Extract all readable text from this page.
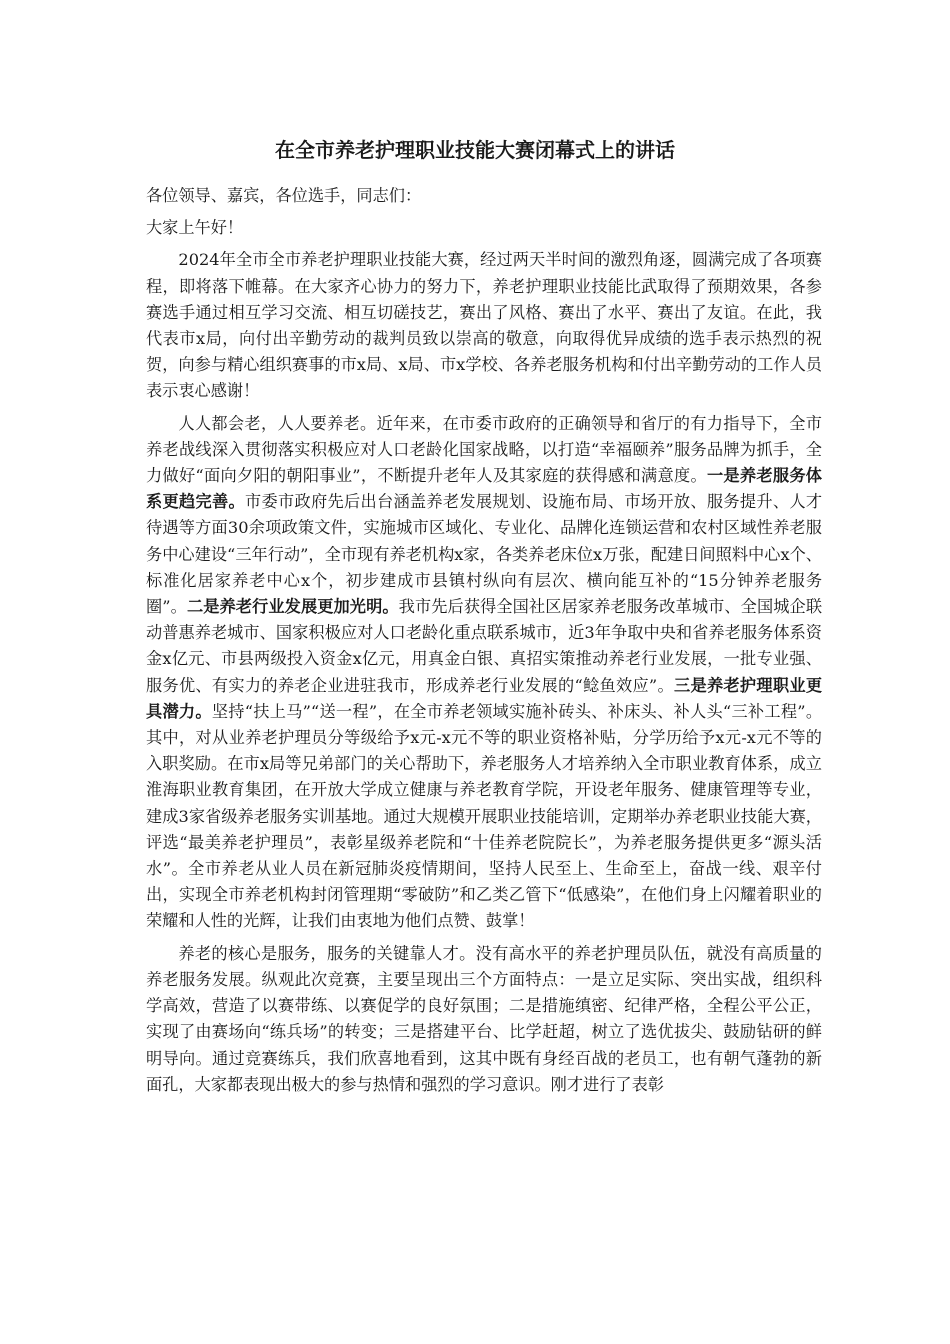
在全市养老护理职业技能大赛闭幕式上的讲话

各位领导、嘉宾，各位选手，同志们：

大家上午好！

2024年全市全市养老护理职业技能大赛，经过两天半时间的激烈角逐，圆满完成了各项赛程，即将落下帷幕。在大家齐心协力的努力下，养老护理职业技能比武取得了预期效果，各参赛选手通过相互学习交流、相互切磋技艺，赛出了风格、赛出了水平、赛出了友谊。在此，我代表市x局，向付出辛勤劳动的裁判员致以崇高的敬意，向取得优异成绩的选手表示热烈的祝贺，向参与精心组织赛事的市x局、x局、市x学校、各养老服务机构和付出辛勤劳动的工作人员表示衷心感谢！

人人都会老，人人要养老。近年来，在市委市政府的正确领导和省厅的有力指导下，全市养老战线深入贯彻落实积极应对人口老龄化国家战略，以打造“幸福颐养”服务品牌为抓手，全力做好“面向夕阳的朝阳事业”，不断提升老年人及其家庭的获得感和满意度。一是养老服务体系更趋完善。市委市政府先后出台涵盖养老发展规划、设施布局、市场开放、服务提升、人才待遇等方面30余项政策文件，实施城市区域化、专业化、品牌化连锁运营和农村区域性养老服务中心建设“三年行动”，全市现有养老机构x家，各类养老床位x万张，配建日间照料中心x个、标准化居家养老中心x个，初步建成市县镇村纵向有层次、横向能互补的“15分钟养老服务圈”。二是养老行业发展更加光明。我市先后获得全国社区居家养老服务改革城市、全国城企联动普惠养老城市、国家积极应对人口老龄化重点联系城市，近3年争取中央和省养老服务体系资金x亿元、市县两级投入资金x亿元，用真金白银、真招实策推动养老行业发展，一批专业强、服务优、有实力的养老企业进驻我市，形成养老行业发展的“鲶鱼效应”。三是养老护理职业更具潜力。坚持“扶上马”“送一程”，在全市养老领域实施补砖头、补床头、补人头“三补工程”。其中，对从业养老护理员分等级给予x元-x元不等的职业资格补贴，分学历给予x元-x元不等的入职奖励。在市x局等兄弟部门的关心帮助下，养老服务人才培养纳入全市职业教育体系，成立淮海职业教育集团，在开放大学成立健康与养老教育学院，开设老年服务、健康管理等专业，建成3家省级养老服务实训基地。通过大规模开展职业技能培训，定期举办养老职业技能大赛，评选“最美养老护理员”，表彰星级养老院和“十佳养老院院长”，为养老服务提供更多“源头活水”。全市养老从业人员在新冠肺炎疫情期间，坚持人民至上、生命至上，奋战一线、艰辛付出，实现全市养老机构封闭管理期“零破防”和乙类乙管下“低感染”，在他们身上闪耀着职业的荣耀和人性的光辉，让我们由衷地为他们点赞、鼓掌！

养老的核心是服务，服务的关键靠人才。没有高水平的养老护理员队伍，就没有高质量的养老服务发展。纵观此次竞赛，主要呈现出三个方面特点：一是立足实际、突出实战，组织科学高效，营造了以赛带练、以赛促学的良好氛围；二是措施缜密、纪律严格，全程公平公正，实现了由赛场向“练兵场”的转变；三是搭建平台、比学赶超，树立了选优拔尖、鼓励钻研的鲜明导向。通过竞赛练兵，我们欣喜地看到，这其中既有身经百战的老员工，也有朝气蓬勃的新面孔，大家都表现出极大的参与热情和强烈的学习意识。刚才进行了表彰
